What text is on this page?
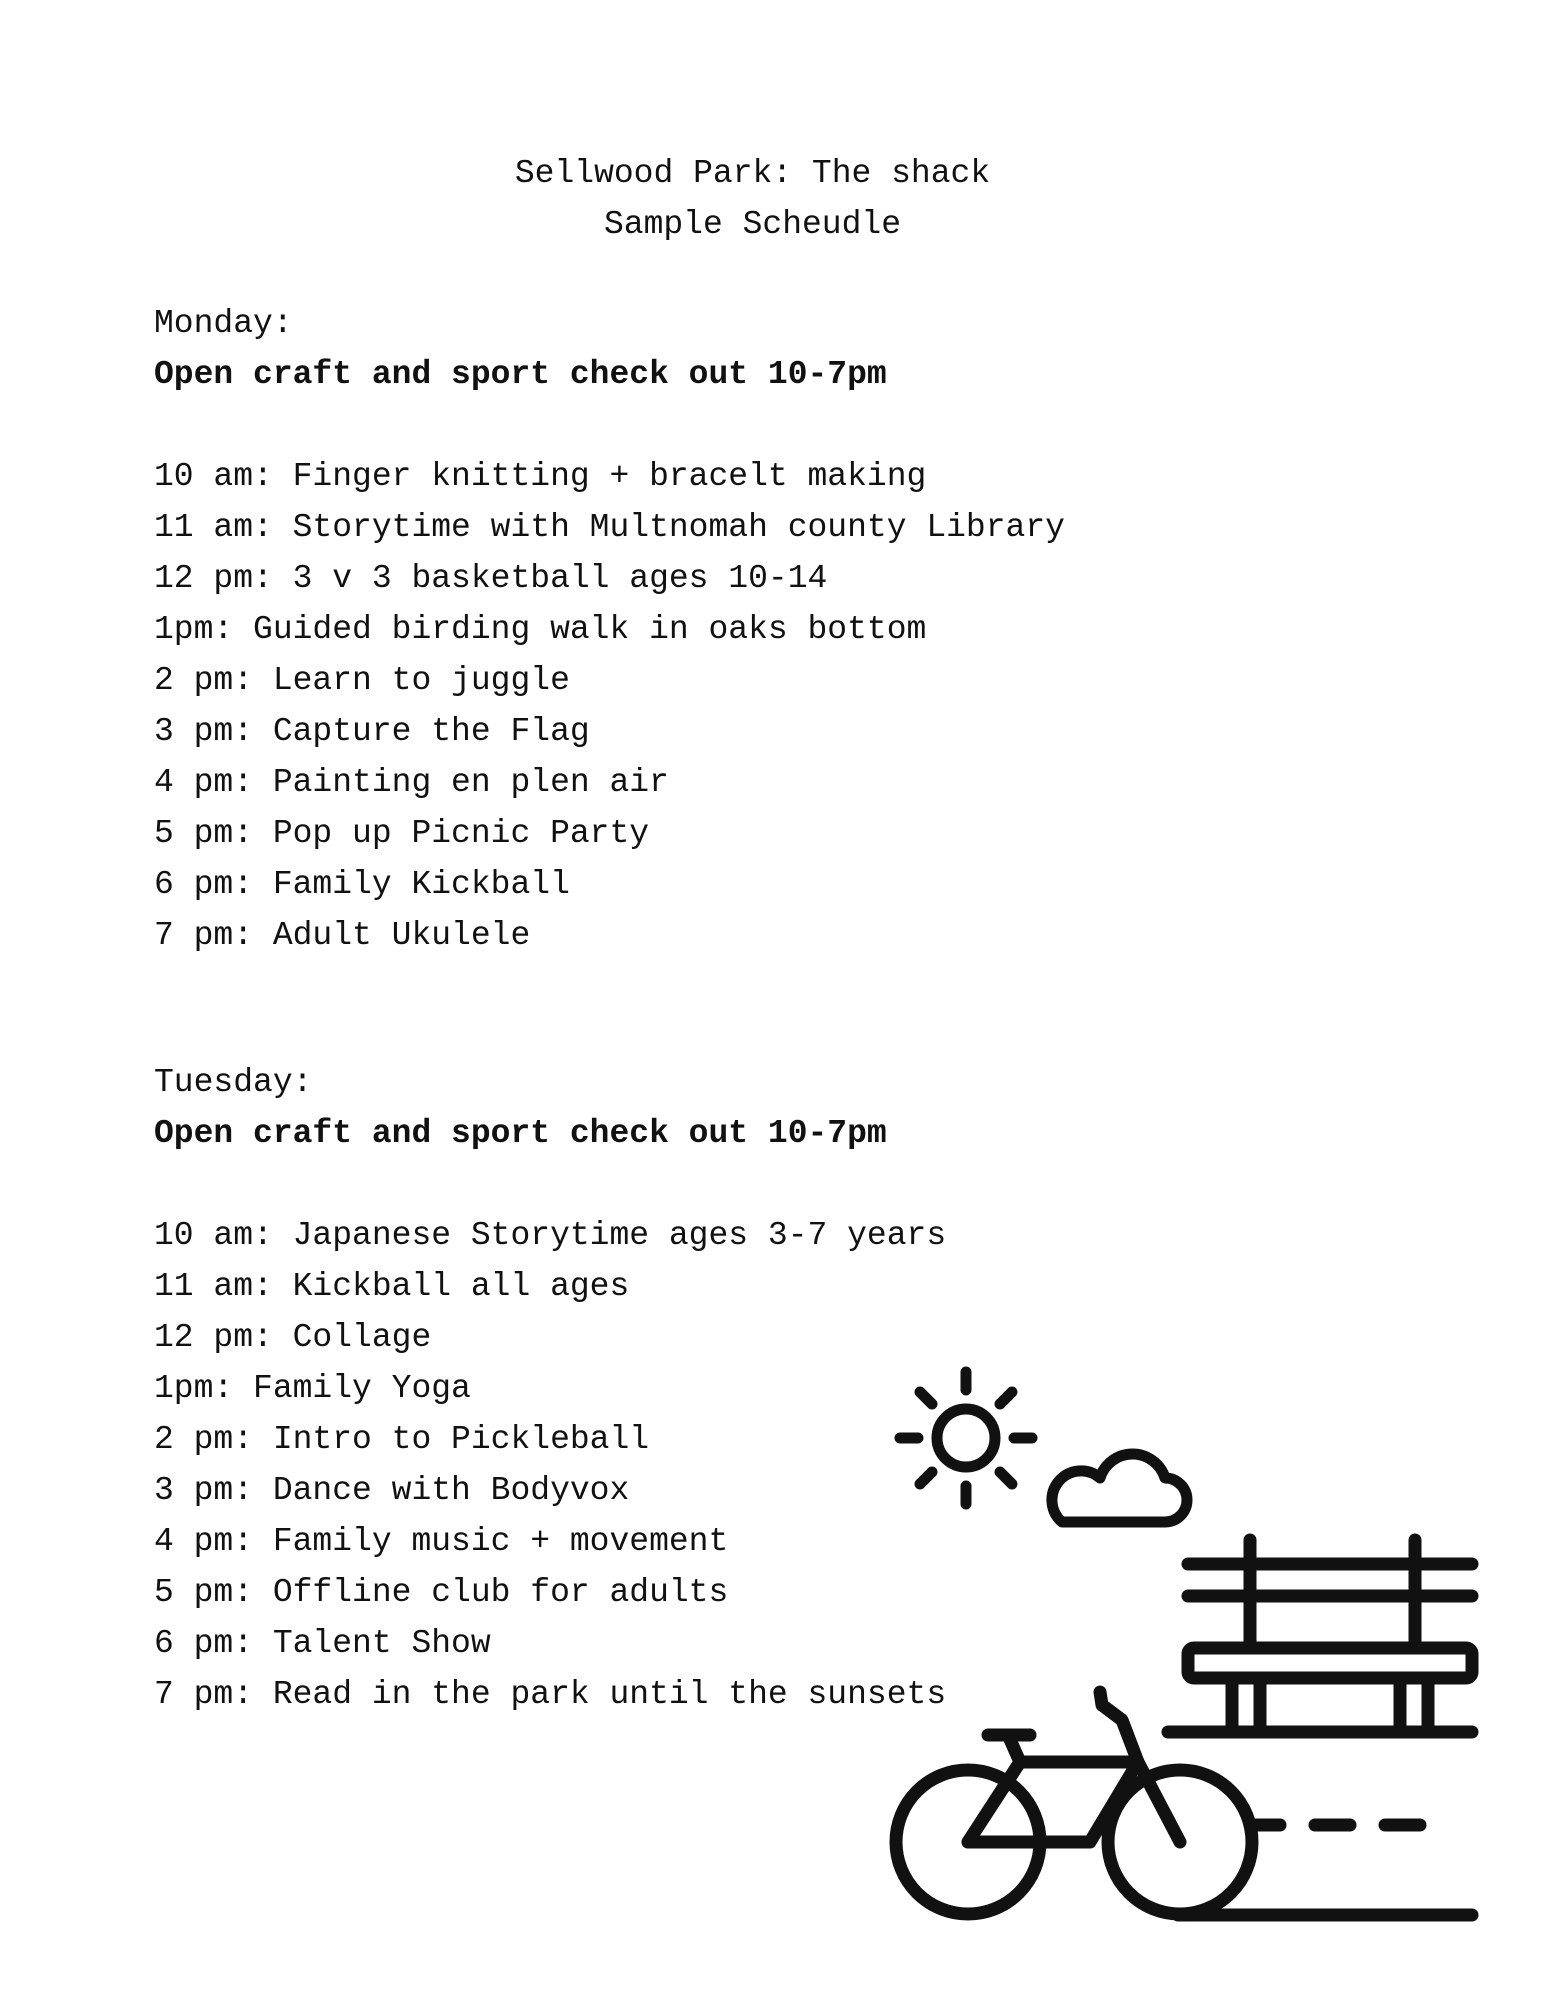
Sellwood Park: The shack
Sample Scheudle
Monday:
Open craft and sport check out 10-7pm
10 am: Finger knitting + bracelt making
11 am: Storytime with Multnomah county Library
12 pm: 3 v 3 basketball ages 10-14
1pm: Guided birding walk in oaks bottom
2 pm: Learn to juggle
3 pm: Capture the Flag
4 pm: Painting en plen air
5 pm: Pop up Picnic Party
6 pm: Family Kickball
7 pm: Adult Ukulele
Tuesday:
Open craft and sport check out 10-7pm
10 am: Japanese Storytime ages 3-7 years
11 am: Kickball all ages
12 pm: Collage
1pm: Family Yoga
2 pm: Intro to Pickleball
3 pm: Dance with Bodyvox
4 pm: Family music + movement
5 pm: Offline club for adults
6 pm: Talent Show
7 pm: Read in the park until the sunsets
